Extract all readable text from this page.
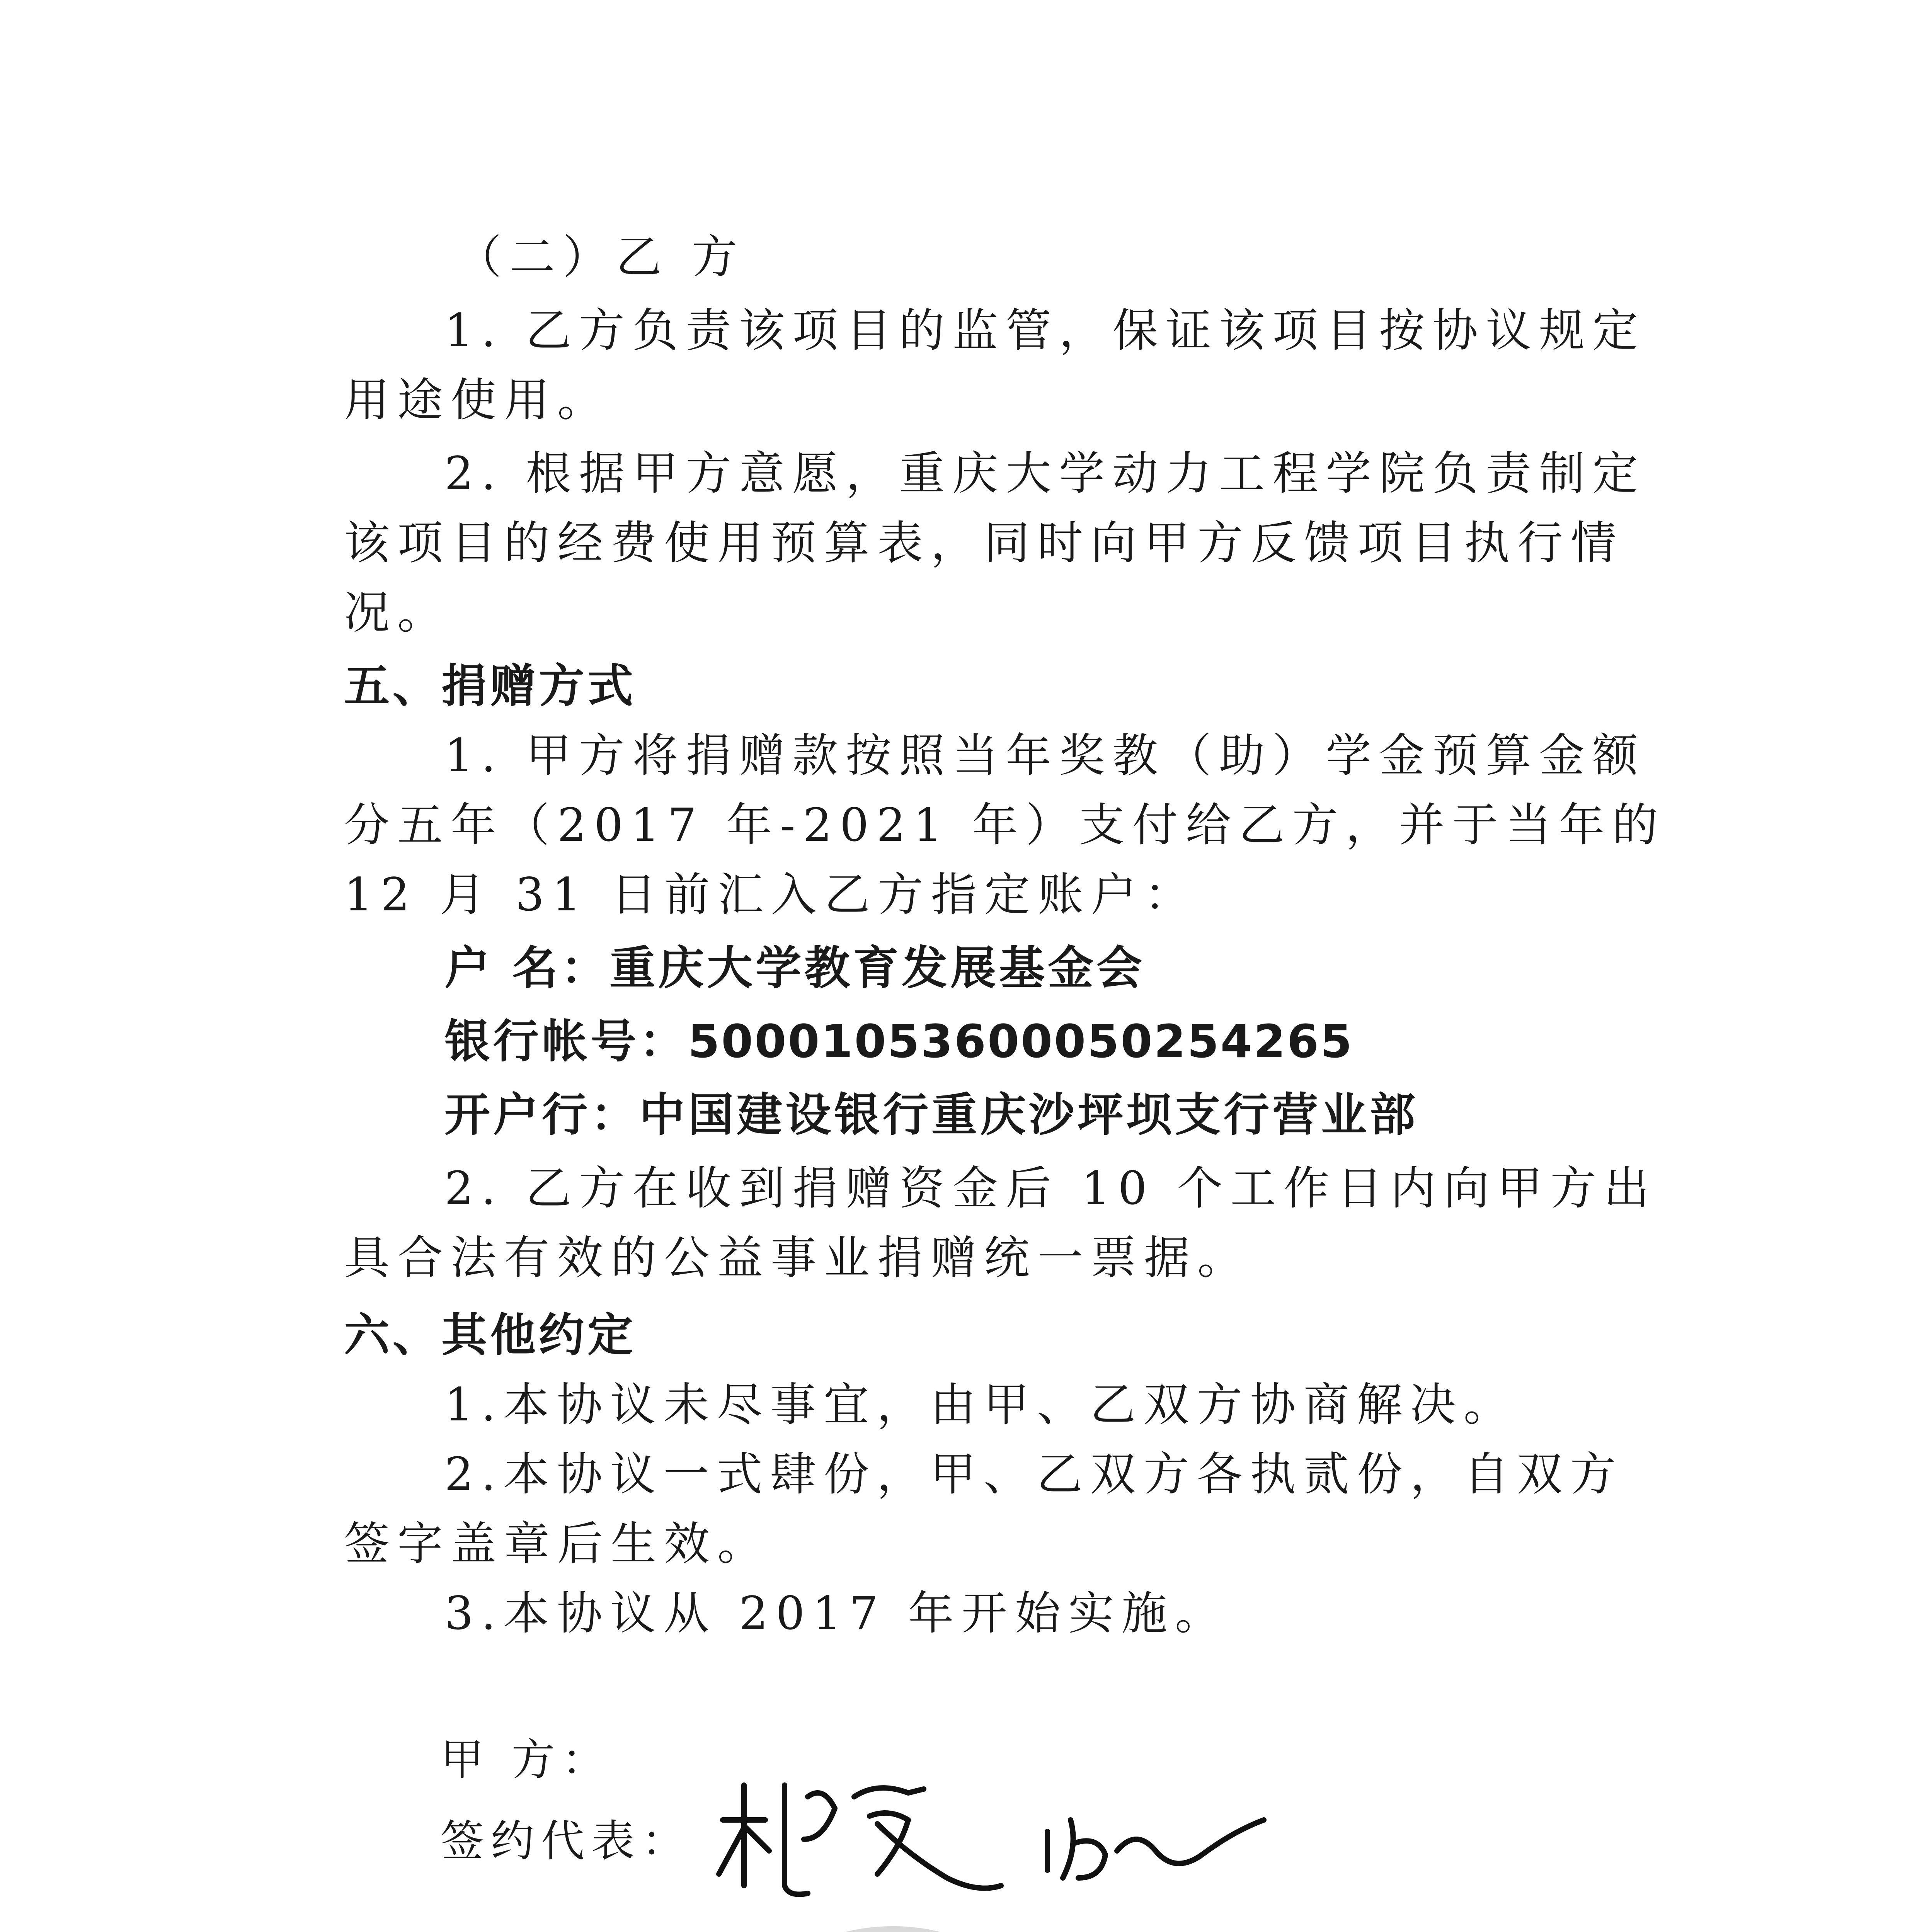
（二）乙 方
1. 乙方负责该项目的监管，保证该项目按协议规定
用途使用。
2. 根据甲方意愿，重庆大学动力工程学院负责制定
该项目的经费使用预算表，同时向甲方反馈项目执行情
况。
五、捐赠方式
1. 甲方将捐赠款按照当年奖教（助）学金预算金额
分五年（2017 年-2021 年）支付给乙方，并于当年的
12 月 31 日前汇入乙方指定账户：
户 名：重庆大学教育发展基金会
银行帐号：50001053600050254265
开户行：中国建设银行重庆沙坪坝支行营业部
2. 乙方在收到捐赠资金后 10 个工作日内向甲方出
具合法有效的公益事业捐赠统一票据。
六、其他约定
1.本协议未尽事宜，由甲、乙双方协商解决。
2.本协议一式肆份，甲、乙双方各执贰份，自双方
签字盖章后生效。
3.本协议从 2017 年开始实施。
甲 方：
签约代表：
